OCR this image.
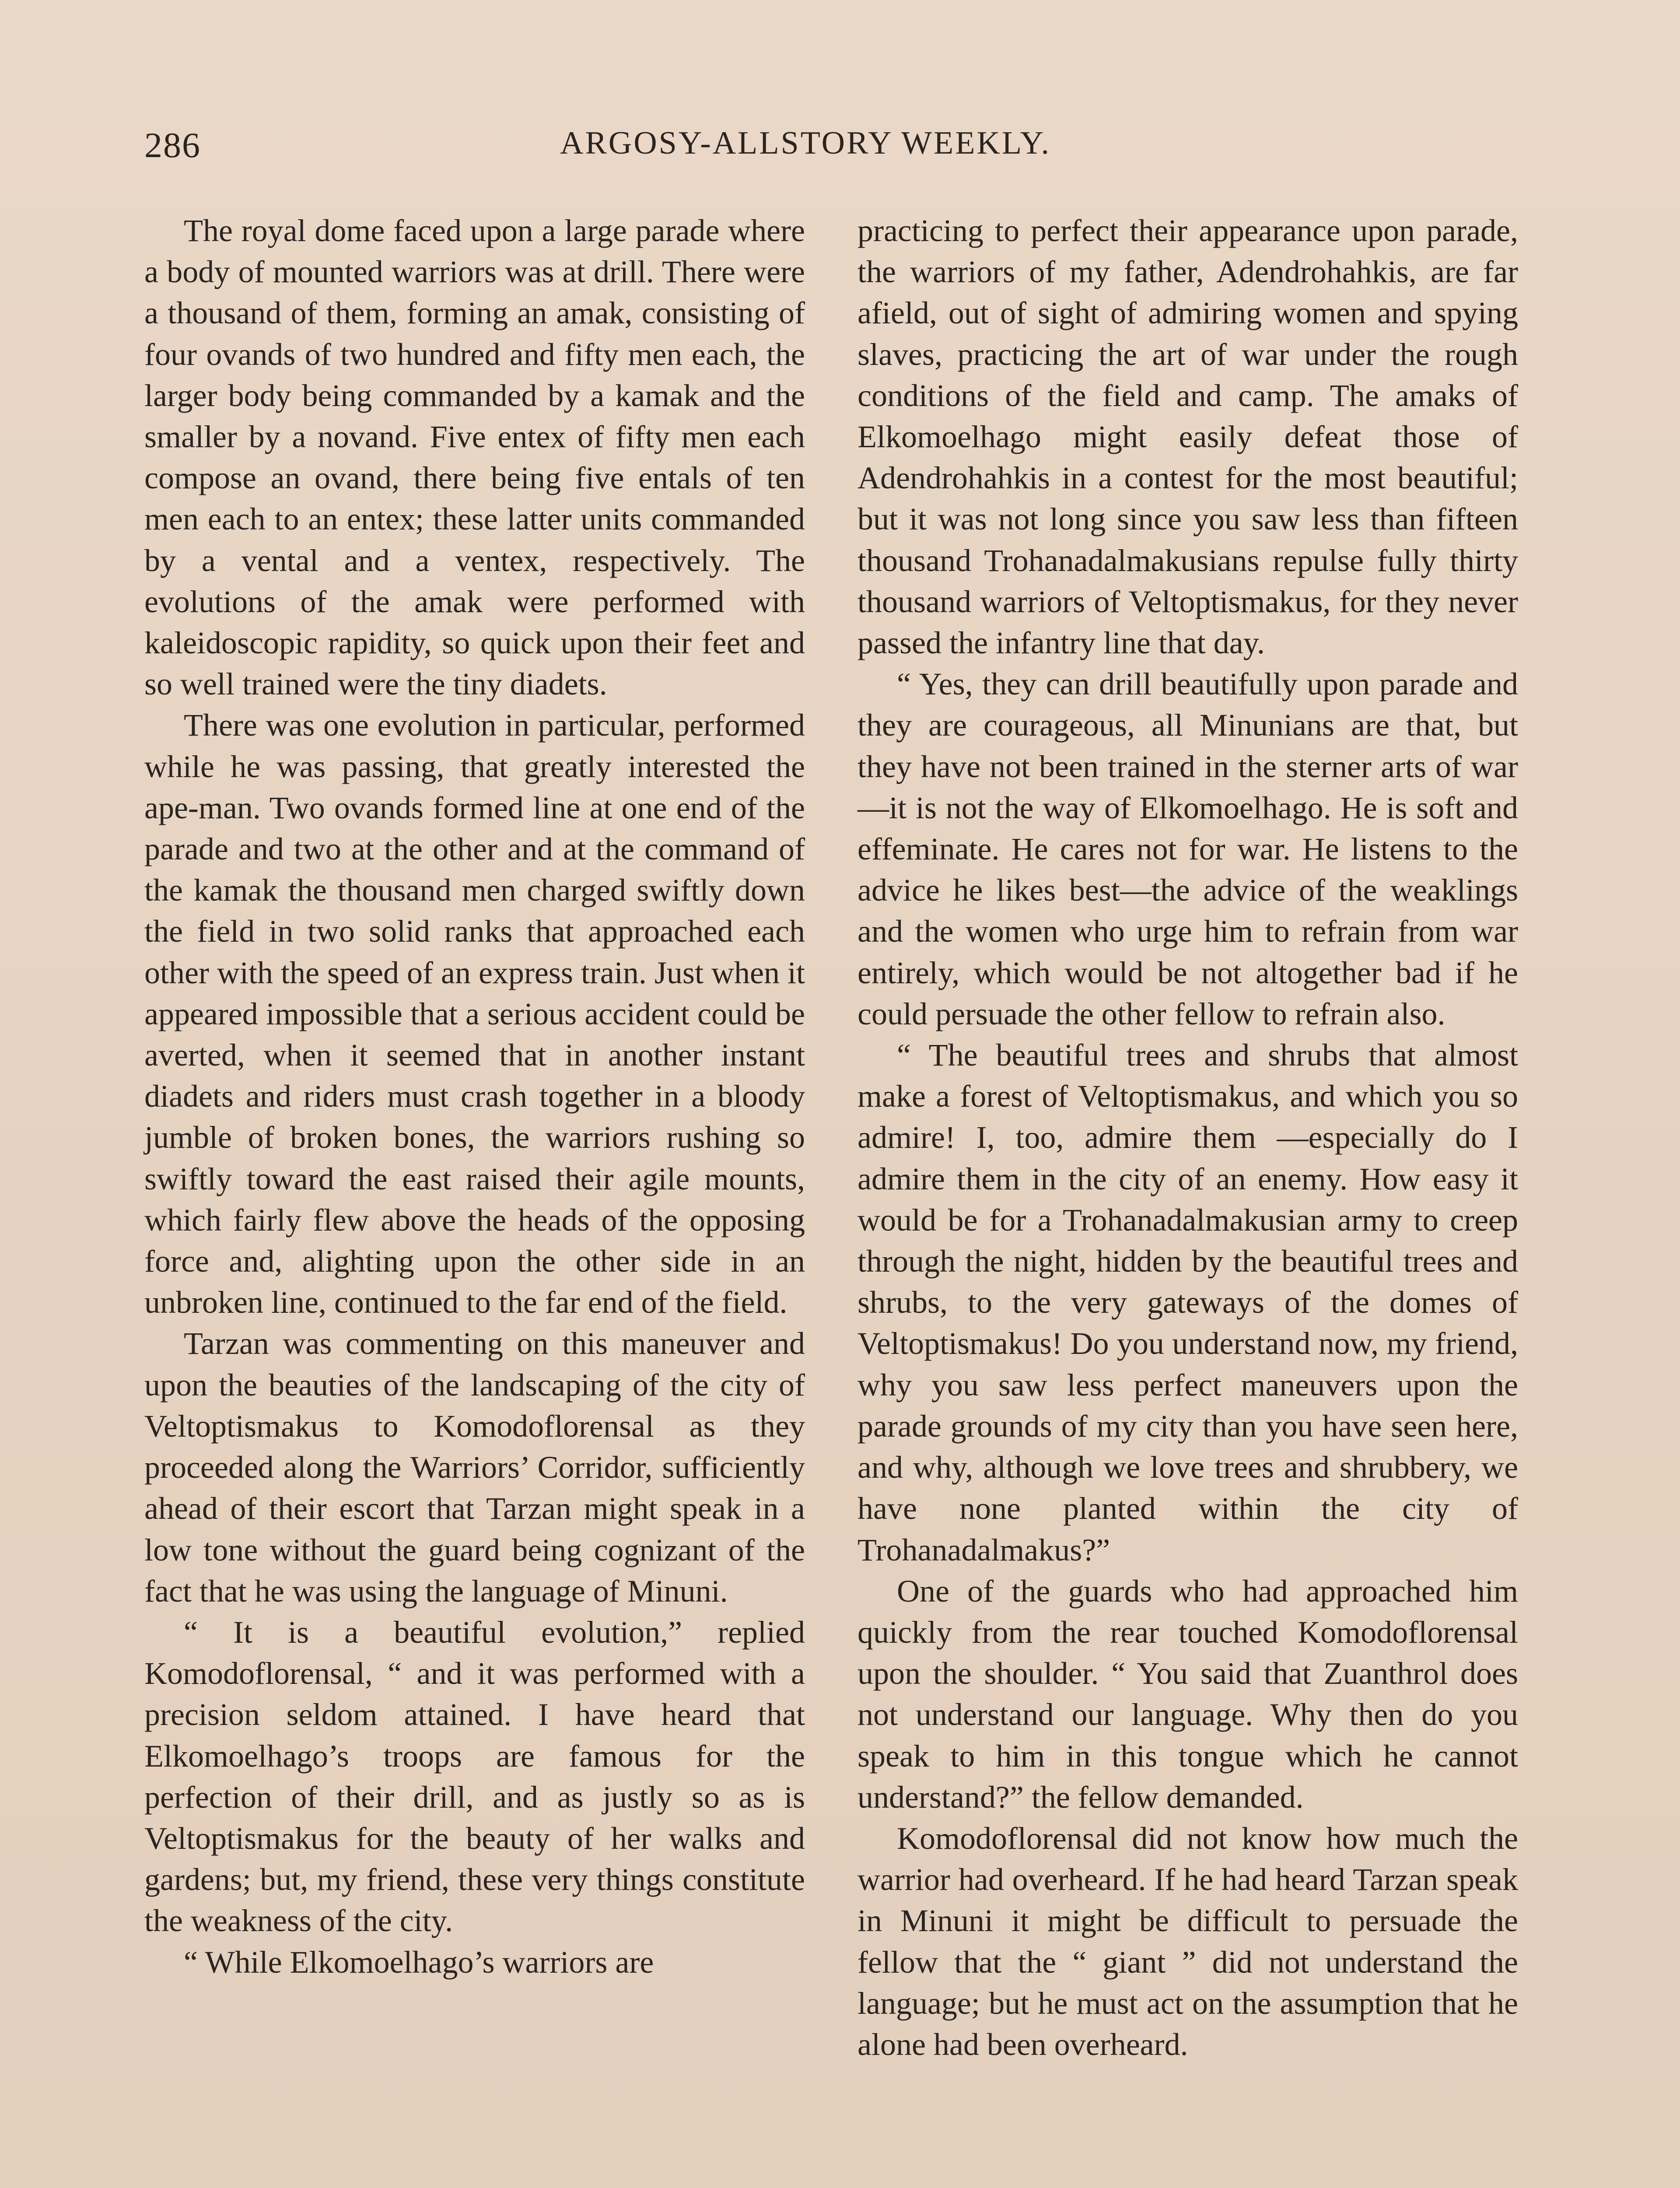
286	ARGOSY-ALLSTORY WEEKLY.

The royal dome faced upon a large parade where a body of mounted warriors was at drill. There were a thousand of them, forming an amak, consisting of four ovands of two hundred and fifty men each, the larger body being commanded by a kamak and the smaller by a novand. Five entex of fifty men each compose an ovand, there being five entals of ten men each to an entex; these latter units commanded by a vental and a ventex, respectively. The evolutions of the amak were performed with kaleidoscopic rapidity, so quick upon their feet and so well trained were the tiny diadets.

There was one evolution in particular, performed while he was passing, that greatly interested the ape-man. Two ovands formed line at one end of the parade and two at the other and at the command of the kamak the thousand men charged swiftly down the field in two solid ranks that approached each other with the speed of an express train. Just when it appeared impossible that a serious accident could be averted, when it seemed that in another instant diadets and riders must crash together in a bloody jumble of broken bones, the warriors rushing so swiftly toward the east raised their agile mounts, which fairly flew above the heads of the opposing force and, alighting upon the other side in an unbroken line, continued to the far end of the field.

Tarzan was commenting on this maneuver and upon the beauties of the landscaping of the city of Veltoptismakus to Komodoflorensal as they proceeded along the Warriors’ Corridor, sufficiently ahead of their escort that Tarzan might speak in a low tone without the guard being cognizant of the fact that he was using the language of Minuni.

“ It is a beautiful evolution,” replied Komodoflorensal, “ and it was performed with a precision seldom attained. I have heard that Elkomoelhago’s troops are famous for the perfection of their drill, and as justly so as is Veltoptismakus for the beauty of her walks and gardens; but, my friend, these very things constitute the weakness of the city.

“ While Elkomoelhago’s warriors are

practicing to perfect their appearance upon parade, the warriors of my father, Adendrohahkis, are far afield, out of sight of admiring women and spying slaves, practicing the art of war under the rough conditions of the field and camp. The amaks of Elkomoelhago might easily defeat those of Adendrohahkis in a contest for the most beautiful; but it was not long since you saw less than fifteen thousand Trohanadalmakusians repulse fully thirty thousand warriors of Veltoptismakus, for they never passed the infantry line that day.

“ Yes, they can drill beautifully upon parade and they are courageous, all Minunians are that, but they have not been trained in the sterner arts of war—it is not the way of Elkomoelhago. He is soft and effeminate. He cares not for war. He listens to the advice he likes best—the advice of the weaklings and the women who urge him to refrain from war entirely, which would be not altogether bad if he could persuade the other fellow to refrain also.

“ The beautiful trees and shrubs that almost make a forest of Veltoptismakus, and which you so admire! I, too, admire them —especially do I admire them in the city of an enemy. How easy it would be for a Trohanadalmakusian army to creep through the night, hidden by the beautiful trees and shrubs, to the very gateways of the domes of Veltoptismakus! Do you understand now, my friend, why you saw less perfect maneuvers upon the parade grounds of my city than you have seen here, and why, although we love trees and shrubbery, we have none planted within the city of Trohanadalmakus?”

One of the guards who had approached him quickly from the rear touched Komodoflorensal upon the shoulder. “ You said that Zuanthrol does not understand our language. Why then do you speak to him in this tongue which he cannot understand?” the fellow demanded.

Komodoflorensal did not know how much the warrior had overheard. If he had heard Tarzan speak in Minuni it might be difficult to persuade the fellow that the “ giant ” did not understand the language; but he must act on the assumption that he alone had been overheard.
